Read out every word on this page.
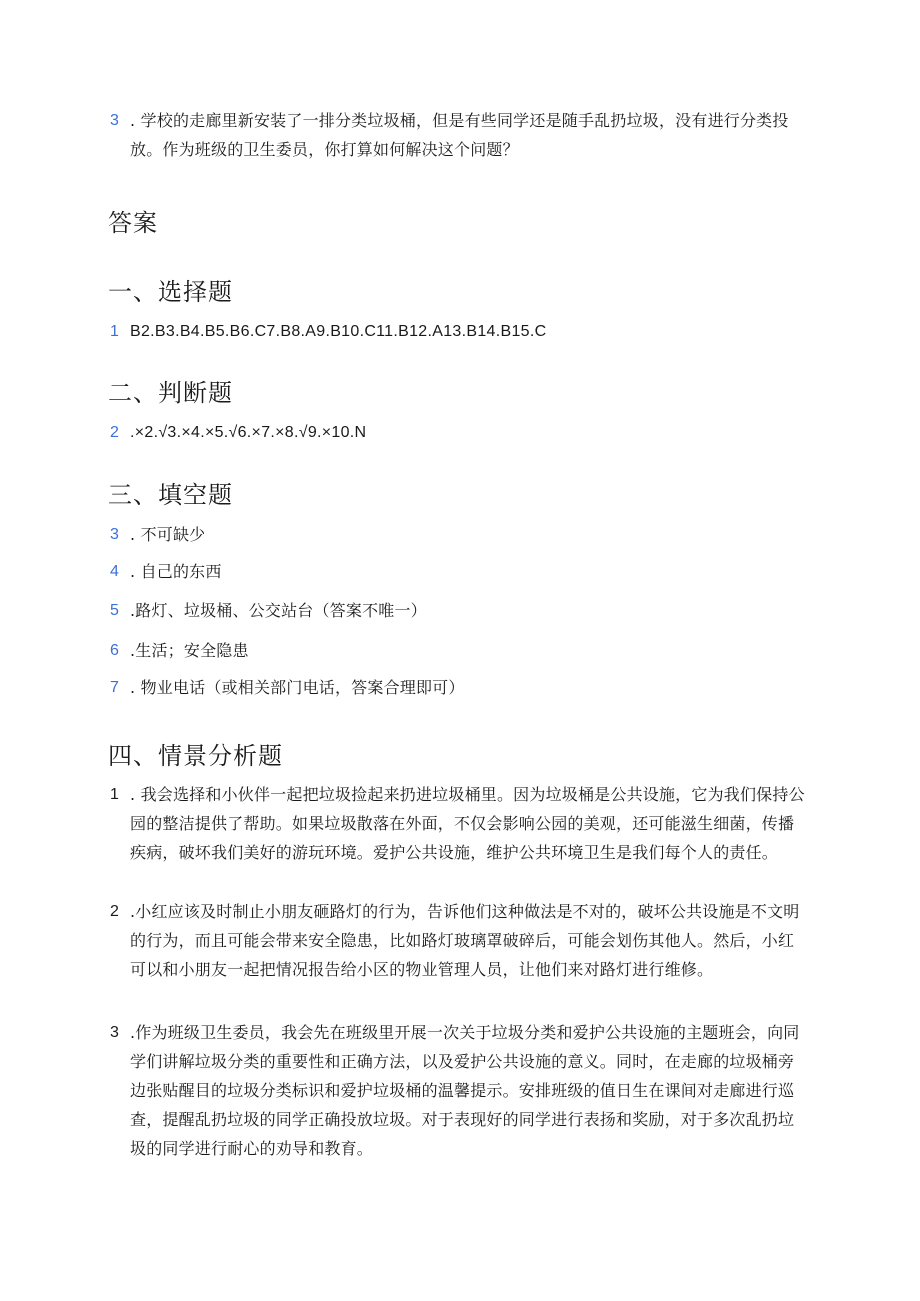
3 . 学校的走廊里新安装了一排分类垃圾桶，但是有些同学还是随手乱扔垃圾，没有进行分类投放。作为班级的卫生委员，你打算如何解决这个问题？
答案
一、选择题
1 B2.B3.B4.B5.B6.C7.B8.A9.B10.C11.B12.A13.B14.B15.C
二、判断题
2 .×2.√3.×4.×5.√6.×7.×8.√9.×10.N
三、填空题
3 . 不可缺少
4 . 自己的东西
5 .路灯、垃圾桶、公交站台（答案不唯一）
6 .生活；安全隐患
7 . 物业电话（或相关部门电话，答案合理即可）
四、情景分析题
1 . 我会选择和小伙伴一起把垃圾捡起来扔进垃圾桶里。因为垃圾桶是公共设施，它为我们保持公园的整洁提供了帮助。如果垃圾散落在外面，不仅会影响公园的美观，还可能滋生细菌，传播疾病，破坏我们美好的游玩环境。爱护公共设施，维护公共环境卫生是我们每个人的责任。
2 .小红应该及时制止小朋友砸路灯的行为，告诉他们这种做法是不对的，破坏公共设施是不文明的行为，而且可能会带来安全隐患，比如路灯玻璃罩破碎后，可能会划伤其他人。然后，小红可以和小朋友一起把情况报告给小区的物业管理人员，让他们来对路灯进行维修。
3 .作为班级卫生委员，我会先在班级里开展一次关于垃圾分类和爱护公共设施的主题班会，向同学们讲解垃圾分类的重要性和正确方法，以及爱护公共设施的意义。同时，在走廊的垃圾桶旁边张贴醒目的垃圾分类标识和爱护垃圾桶的温馨提示。安排班级的值日生在课间对走廊进行巡查，提醒乱扔垃圾的同学正确投放垃圾。对于表现好的同学进行表扬和奖励，对于多次乱扔垃圾的同学进行耐心的劝导和教育。
